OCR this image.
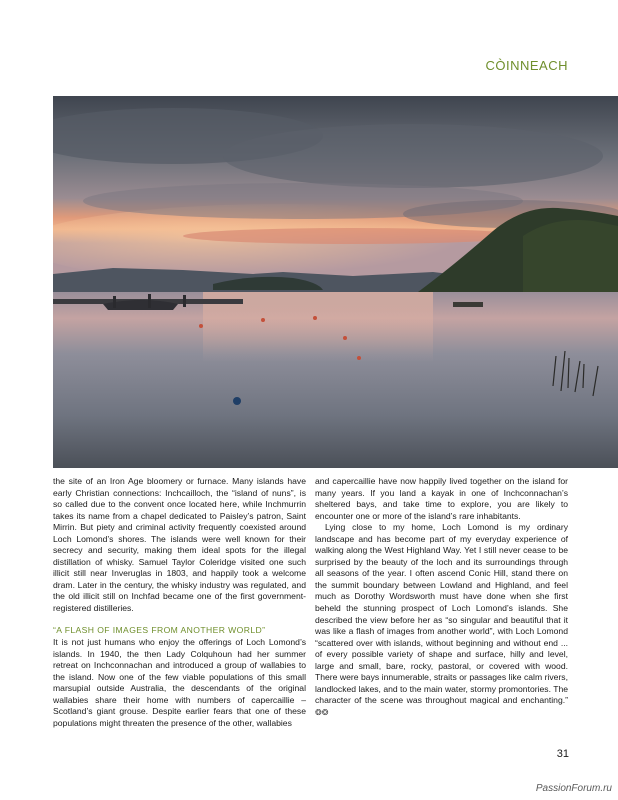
CÒINNEACH

the site of an Iron Age bloomery or furnace. Many islands have early Christian connections: Inchcailloch, the “island of nuns”, is so called due to the convent once located here, while Inchmurrin takes its name from a chapel dedicated to Paisley’s patron, Saint Mirrin. But piety and criminal activity frequently coexisted around Loch Lomond’s shores. The islands were well known for their secrecy and security, making them ideal spots for the illegal distillation of whisky. Samuel Taylor Coleridge visited one such illicit still near Inveruglas in 1803, and happily took a welcome dram. Later in the century, the whisky industry was regulated, and the old illicit still on Inchfad became one of the first government-registered distilleries.

“A FLASH OF IMAGES FROM ANOTHER WORLD”

It is not just humans who enjoy the offerings of Loch Lomond’s islands. In 1940, the then Lady Colquhoun had her summer retreat on Inchconnachan and introduced a group of wallabies to the island. Now one of the few viable populations of this small marsupial outside Australia, the descendants of the original wallabies share their home with numbers of capercaillie – Scotland’s giant grouse. Despite earlier fears that one of these populations might threaten the presence of the other, wallabies

and capercaillie have now happily lived together on the island for many years. If you land a kayak in one of Inchconnachan’s sheltered bays, and take time to explore, you are likely to encounter one or more of the island’s rare inhabitants.

Lying close to my home, Loch Lomond is my ordinary landscape and has become part of my everyday experience of walking along the West Highland Way. Yet I still never cease to be surprised by the beauty of the loch and its surroundings through all seasons of the year. I often ascend Conic Hill, stand there on the summit boundary between Lowland and Highland, and feel much as Dorothy Wordsworth must have done when she first beheld the stunning prospect of Loch Lomond’s islands. She described the view before her as “so singular and beautiful that it was like a flash of images from another world”, with Loch Lomond “scattered over with islands, without beginning and without end ... of every possible variety of shape and surface, hilly and level, large and small, bare, rocky, pastoral, or covered with wood. There were bays innumerable, straits or passages like calm rivers, landlocked lakes, and to the main water, stormy promontories. The character of the scene was throughout magical and enchanting.” ❂❂

31
PassionForum.ru
